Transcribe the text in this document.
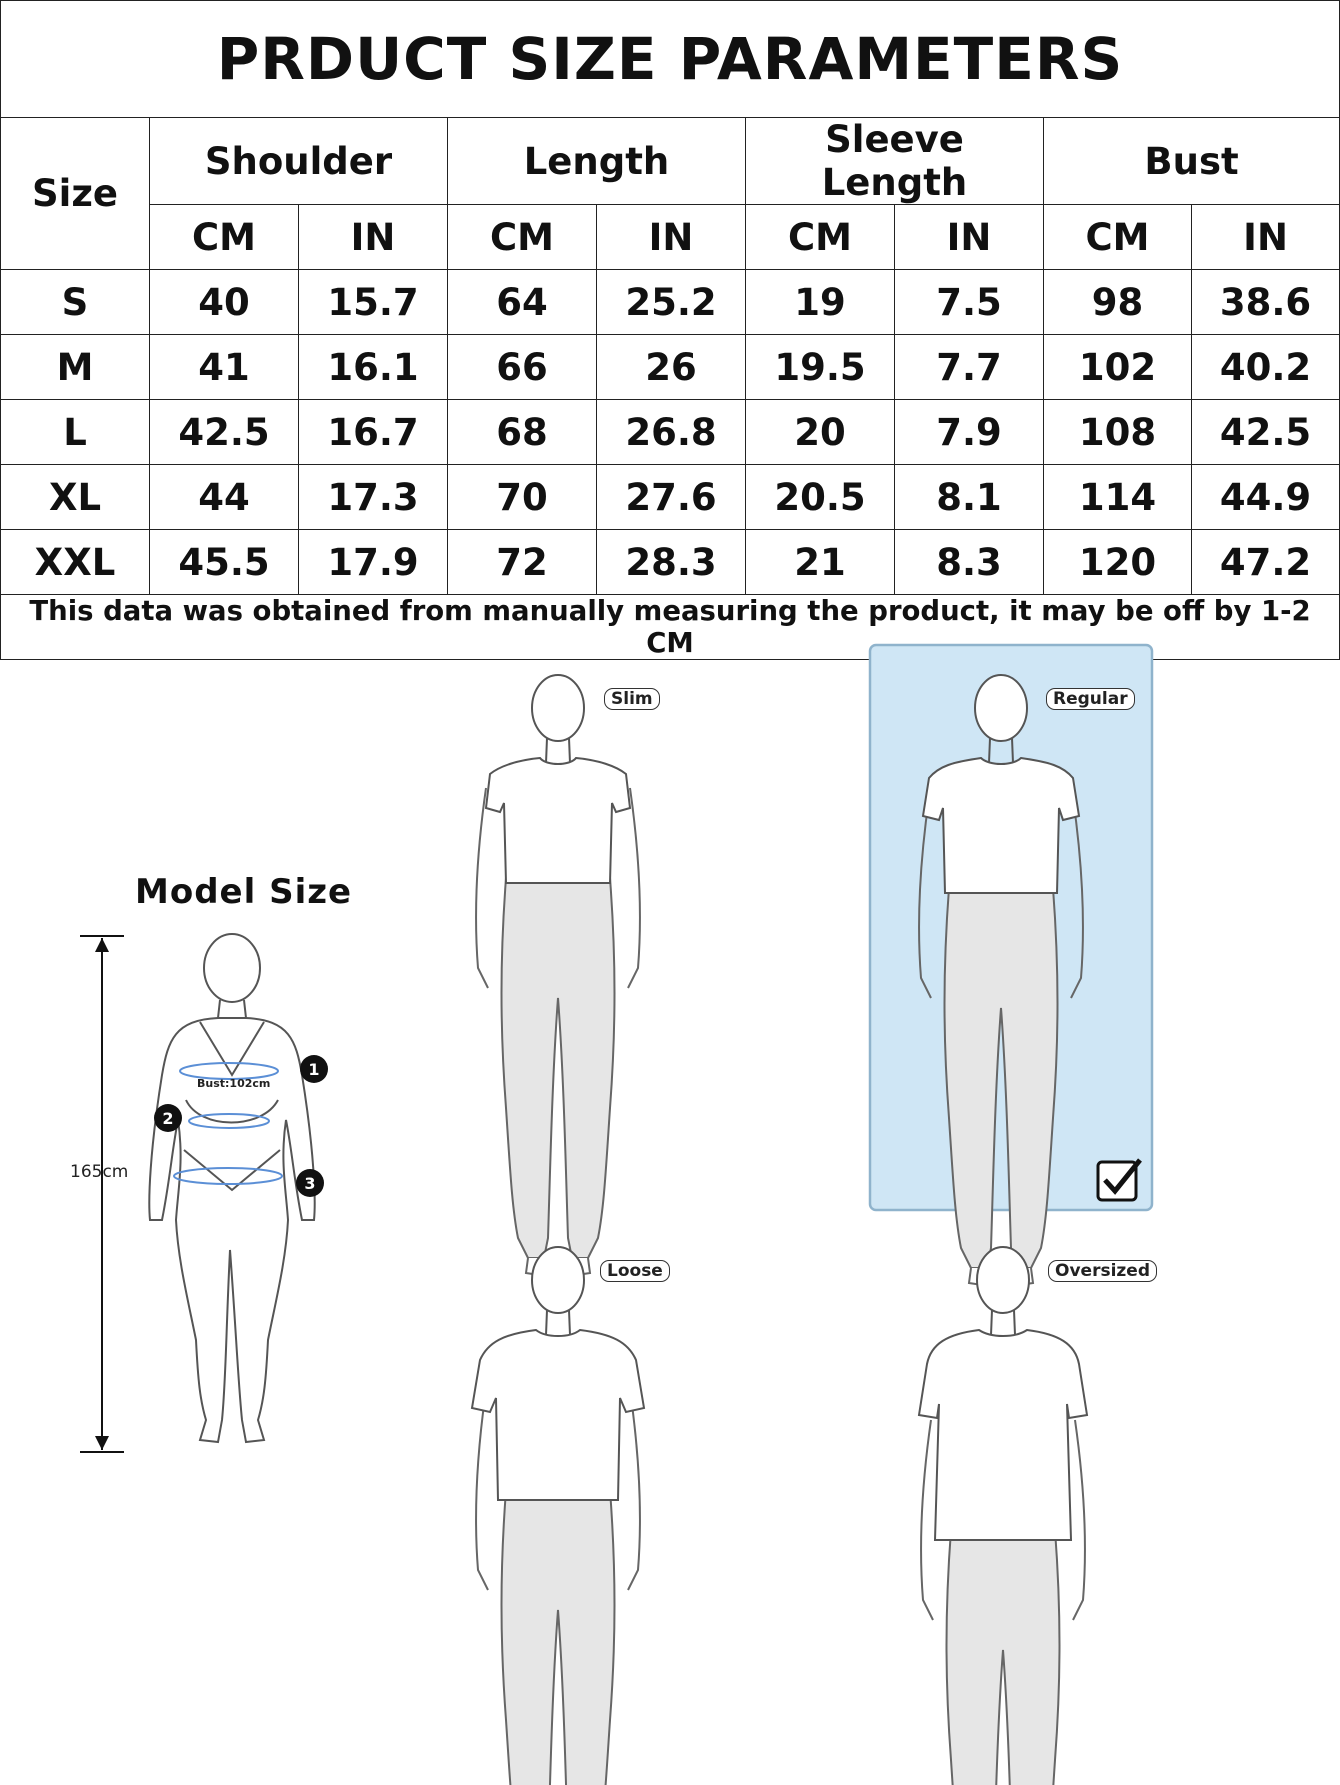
PRDUCT SIZE PARAMETERS								
Size	Shoulder		Length		Sleeve Length		Bust	
	CM	IN	CM	IN	CM	IN	CM	IN
S	40	15.7	64	25.2	19	7.5	98	38.6
M	41	16.1	66	26	19.5	7.7	102	40.2
L	42.5	16.7	68	26.8	20	7.9	108	42.5
XL	44	17.3	70	27.6	20.5	8.1	114	44.9
XXL	45.5	17.9	72	28.3	21	8.3	120	47.2
This data was obtained from manually measuring the product, it may be off by 1-2 CM								
165cm
Bust:102cm
1
2
3
Model Size
Slim	Regular
Loose	Oversized
